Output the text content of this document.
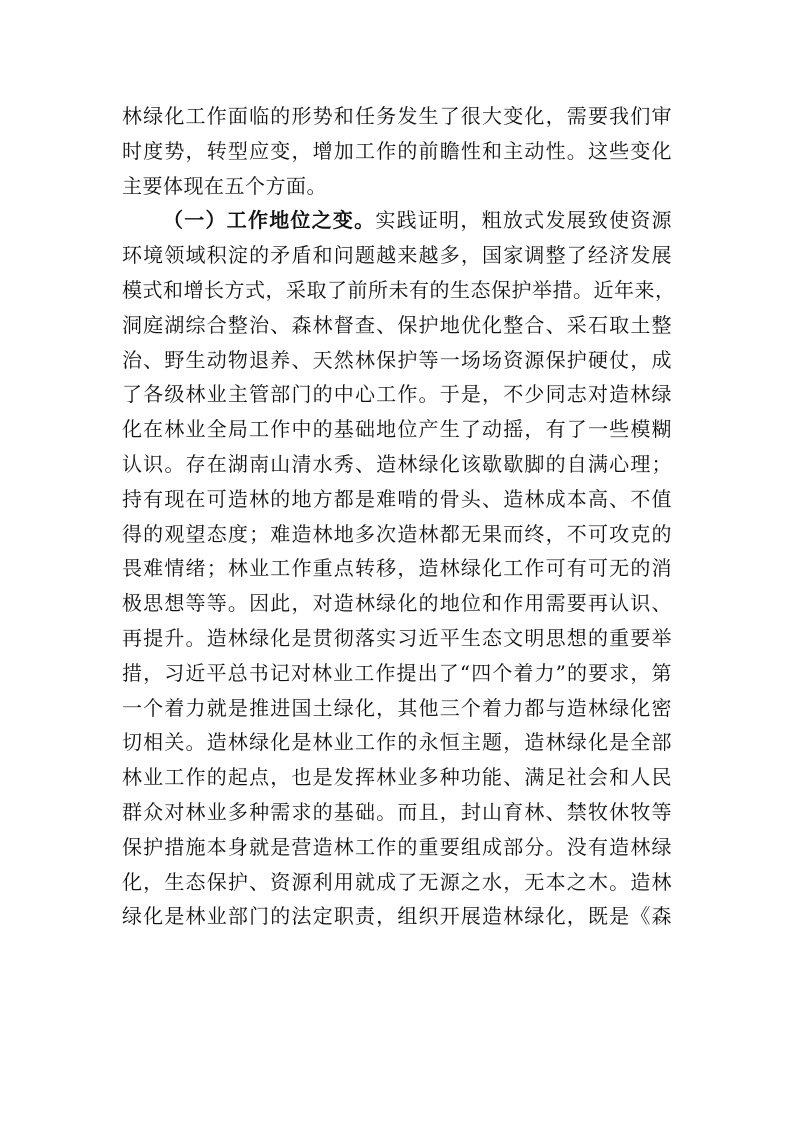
林绿化工作面临的形势和任务发生了很大变化，需要我们审
时度势，转型应变，增加工作的前瞻性和主动性。这些变化
主要体现在五个方面。
（一）工作地位之变。实践证明，粗放式发展致使资源
环境领域积淀的矛盾和问题越来越多，国家调整了经济发展
模式和增长方式，采取了前所未有的生态保护举措。近年来，
洞庭湖综合整治、森林督查、保护地优化整合、采石取土整
治、野生动物退养、天然林保护等一场场资源保护硬仗，成
了各级林业主管部门的中心工作。于是，不少同志对造林绿
化在林业全局工作中的基础地位产生了动摇，有了一些模糊
认识。存在湖南山清水秀、造林绿化该歇歇脚的自满心理；
持有现在可造林的地方都是难啃的骨头、造林成本高、不值
得的观望态度；难造林地多次造林都无果而终，不可攻克的
畏难情绪；林业工作重点转移，造林绿化工作可有可无的消
极思想等等。因此，对造林绿化的地位和作用需要再认识、
再提升。造林绿化是贯彻落实习近平生态文明思想的重要举
措，习近平总书记对林业工作提出了“四个着力”的要求，第
一个着力就是推进国土绿化，其他三个着力都与造林绿化密
切相关。造林绿化是林业工作的永恒主题，造林绿化是全部
林业工作的起点，也是发挥林业多种功能、满足社会和人民
群众对林业多种需求的基础。而且，封山育林、禁牧休牧等
保护措施本身就是营造林工作的重要组成部分。没有造林绿
化，生态保护、资源利用就成了无源之水，无本之木。造林
绿化是林业部门的法定职责，组织开展造林绿化，既是《森
